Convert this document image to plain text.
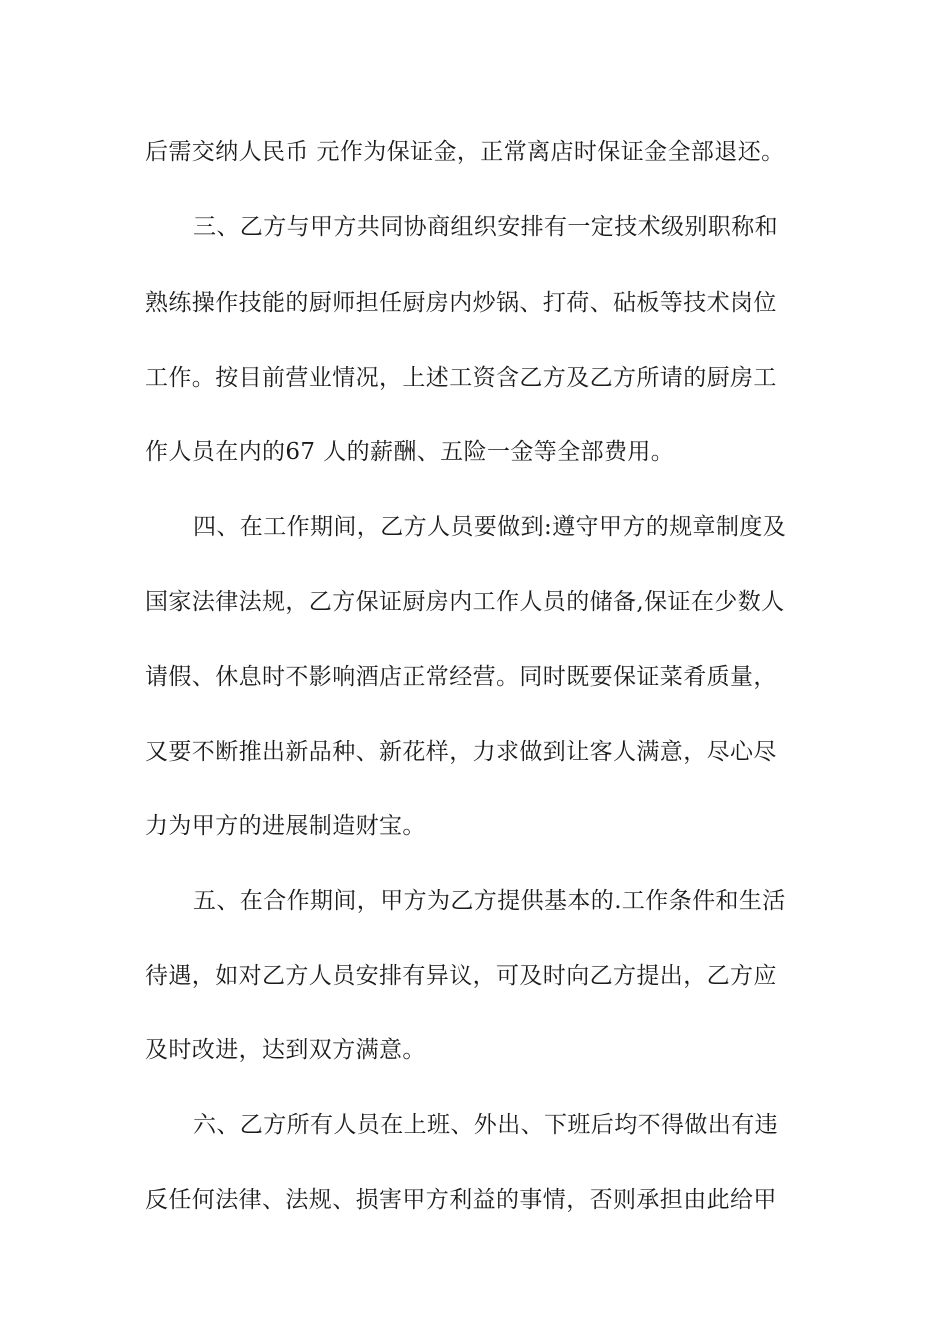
后需交纳人民币 元作为保证金，正常离店时保证金全部退还。

三、乙方与甲方共同协商组织安排有一定技术级别职称和

熟练操作技能的厨师担任厨房内炒锅、打荷、砧板等技术岗位

工作。按目前营业情况，上述工资含乙方及乙方所请的厨房工

作人员在内的67 人的薪酬、五险一金等全部费用。

四、在工作期间，乙方人员要做到:遵守甲方的规章制度及

国家法律法规，乙方保证厨房内工作人员的储备,保证在少数人

请假、休息时不影响酒店正常经营。同时既要保证菜肴质量，

又要不断推出新品种、新花样，力求做到让客人满意，尽心尽

力为甲方的进展制造财宝。

五、在合作期间，甲方为乙方提供基本的.工作条件和生活

待遇，如对乙方人员安排有异议，可及时向乙方提出，乙方应

及时改进，达到双方满意。

六、乙方所有人员在上班、外出、下班后均不得做出有违

反任何法律、法规、损害甲方利益的事情，否则承担由此给甲
